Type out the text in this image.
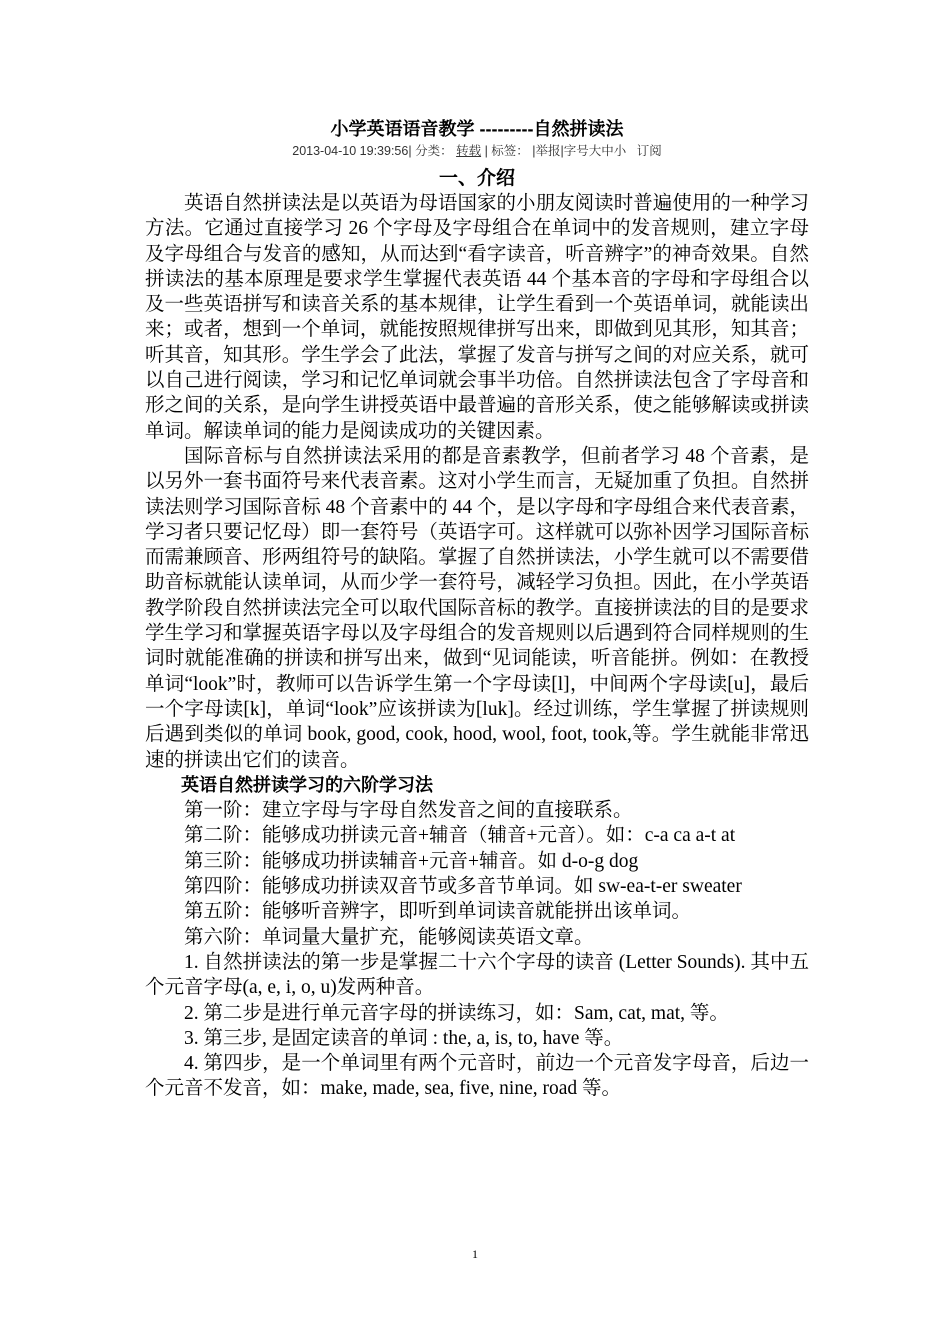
小学英语语音教学 ---------自然拼读法
2013-04-10 19:39:56| 分类： 转载 | 标签： |举报|字号大中小 订阅
一、介绍

英语自然拼读法是以英语为母语国家的小朋友阅读时普遍使用的一种学习方法。它通过直接学习 26 个字母及字母组合在单词中的发音规则，建立字母及字母组合与发音的感知，从而达到“看字读音，听音辨字”的神奇效果。自然拼读法的基本原理是要求学生掌握代表英语 44 个基本音的字母和字母组合以及一些英语拼写和读音关系的基本规律，让学生看到一个英语单词，就能读出来；或者，想到一个单词，就能按照规律拼写出来，即做到见其形，知其音；听其音，知其形。学生学会了此法，掌握了发音与拼写之间的对应关系，就可以自己进行阅读，学习和记忆单词就会事半功倍。自然拼读法包含了字母音和形之间的关系，是向学生讲授英语中最普遍的音形关系，使之能够解读或拼读单词。解读单词的能力是阅读成功的关键因素。

国际音标与自然拼读法采用的都是音素教学，但前者学习 48 个音素，是以另外一套书面符号来代表音素。这对小学生而言，无疑加重了负担。自然拼读法则学习国际音标 48 个音素中的 44 个，是以字母和字母组合来代表音素，学习者只要记忆母）即一套符号（英语字可。这样就可以弥补因学习国际音标而需兼顾音、形两组符号的缺陷。掌握了自然拼读法，小学生就可以不需要借助音标就能认读单词，从而少学一套符号，减轻学习负担。因此，在小学英语教学阶段自然拼读法完全可以取代国际音标的教学。直接拼读法的目的是要求学生学习和掌握英语字母以及字母组合的发音规则以后遇到符合同样规则的生词时就能准确的拼读和拼写出来，做到“见词能读，听音能拼。例如：在教授单词“look”时，教师可以告诉学生第一个字母读[l]，中间两个字母读[u]，最后一个字母读[k]，单词“look”应该拼读为[luk]。经过训练，学生掌握了拼读规则后遇到类似的单词 book, good, cook, hood, wool, foot, took,等。学生就能非常迅速的拼读出它们的读音。

英语自然拼读学习的六阶学习法

第一阶：建立字母与字母自然发音之间的直接联系。

第二阶：能够成功拼读元音+辅音（辅音+元音）。如：c-a ca a-t at

第三阶：能够成功拼读辅音+元音+辅音。如 d-o-g dog

第四阶：能够成功拼读双音节或多音节单词。如 sw-ea-t-er sweater

第五阶：能够听音辨字，即听到单词读音就能拼出该单词。

第六阶：单词量大量扩充，能够阅读英语文章。

1. 自然拼读法的第一步是掌握二十六个字母的读音 (Letter Sounds). 其中五个元音字母(a, e, i, o, u)发两种音。

2. 第二步是进行单元音字母的拼读练习，如：Sam, cat, mat, 等。

3. 第三步, 是固定读音的单词 : the, a, is, to, have 等。

4. 第四步，是一个单词里有两个元音时，前边一个元音发字母音，后边一个元音不发音，如：make, made, sea, five, nine, road 等。

1
